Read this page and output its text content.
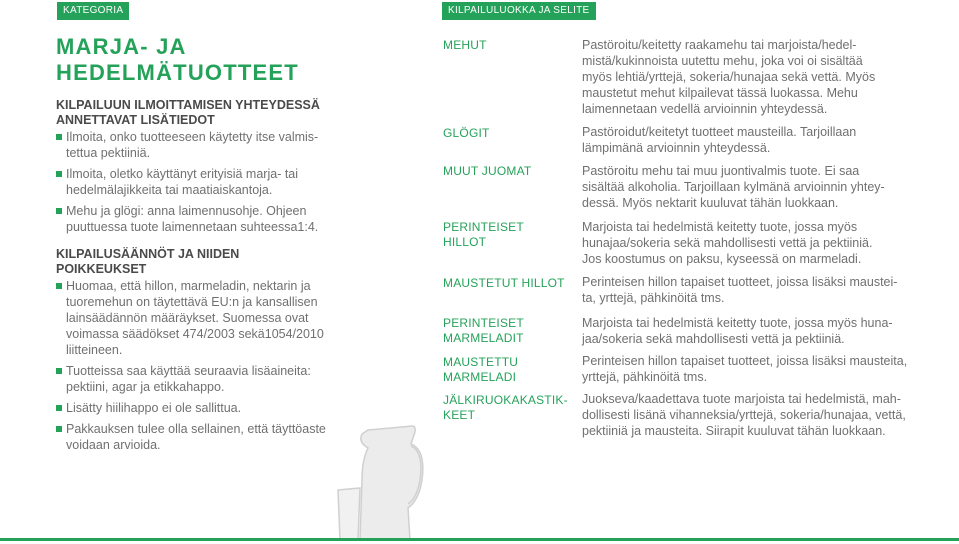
KATEGORIA	KILPAILULUOKKA JA SELITE
MARJA- JA
HEDELMÄTUOTTEET
KILPAILUUN ILMOITTAMISEN YHTEYDESSÄ
ANNETTAVAT LISÄTIEDOT
Ilmoita, onko tuotteeseen käytetty itse valmis-
tettua pektiiniä.
Ilmoita, oletko käyttänyt erityisiä marja- tai
hedelmälajikkeita tai maatiaiskantoja.
Mehu ja glögi: anna laimennusohje. Ohjeen
puuttuessa tuote laimennetaan suhteessa1:4.
KILPAILUSÄÄNNÖT JA NIIDEN
POIKKEUKSET
Huomaa, että hillon, marmeladin, nektarin ja
tuoremehun on täytettävä EU:n ja kansallisen
lainsäädännön määräykset. Suomessa ovat
voimassa säädökset 474/2003 sekä1054/2010
liitteineen.
Tuotteissa saa käyttää seuraavia lisäaineita:
pektiini, agar ja etikkahappo.
Lisätty hiilihappo ei ole sallittua.
Pakkauksen tulee olla sellainen, että täyttöaste
voidaan arvioida.
MEHUT
GLÖGIT
MUUT JUOMAT
PERINTEISET HILLOT
MAUSTETUT HILLOT
PERINTEISET
MARMELADIT
MAUSTETTU
MARMELADI
JÄLKIRUOKAKASTIK-
KEET
Pastöroitu/keitetty raakamehu tai marjoista/hedel-
mistä/kukinnoista uutettu mehu, joka voi oi sisältää
myös lehtiä/yrttejä, sokeria/hunajaa sekä vettä. Myös
maustetut mehut kilpailevat tässä luokassa. Mehu
laimennetaan vedellä arvioinnin yhteydessä.
Pastöroidut/keitetyt tuotteet mausteilla. Tarjoillaan
lämpimänä arvioinnin yhteydessä.
Pastöroitu mehu tai muu juontivalmis tuote. Ei saa
sisältää alkoholia. Tarjoillaan kylmänä arvioinnin yhtey-
dessä. Myös nektarit kuuluvat tähän luokkaan.
Marjoista tai hedelmistä keitetty tuote, jossa myös
hunajaa/sokeria sekä mahdollisesti vettä ja pektiiniä.
Jos koostumus on paksu, kyseessä on marmeladi.
Perinteisen hillon tapaiset tuotteet, joissa lisäksi maustei-
ta, yrttejä, pähkinöitä tms.
Marjoista tai hedelmistä keitetty tuote, jossa myös huna-
jaa/sokeria sekä mahdollisesti vettä ja pektiiniä.
Perinteisen hillon tapaiset tuotteet, joissa lisäksi mausteita,
yrttejä, pähkinöitä tms.
Juokseva/kaadettava tuote marjoista tai hedelmistä, mah-
dollisesti lisänä vihanneksia/yrttejä, sokeria/hunajaa, vettä,
pektiiniä ja mausteita. Siirapit kuuluvat tähän luokkaan.
